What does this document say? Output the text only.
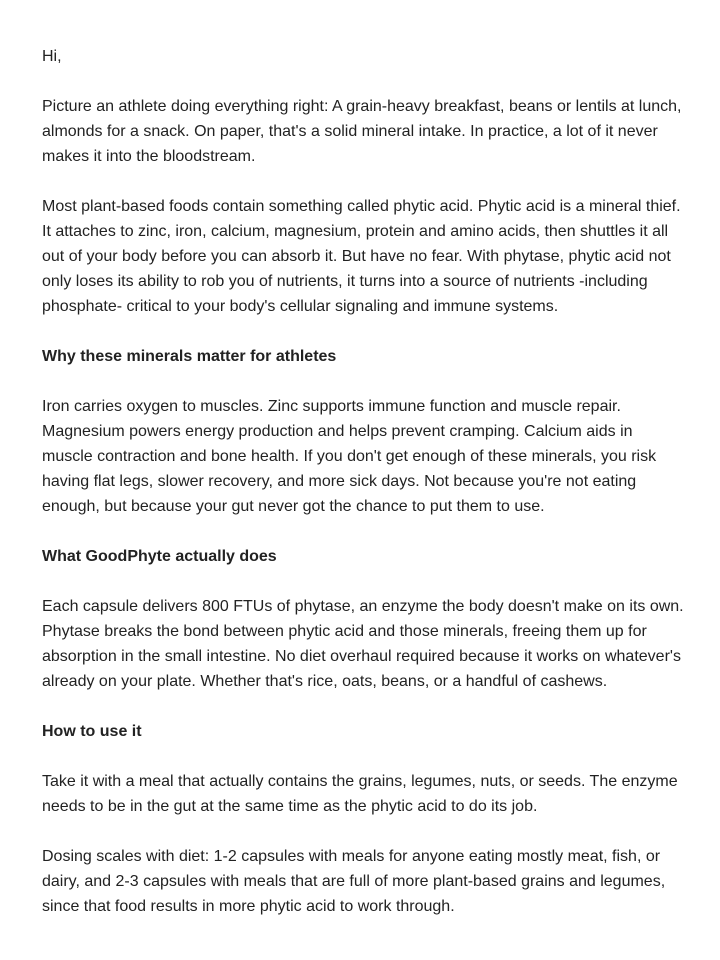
Hi,

Picture an athlete doing everything right: A grain-heavy breakfast, beans or lentils at lunch, almonds for a snack. On paper, that's a solid mineral intake. In practice, a lot of it never makes it into the bloodstream.

Most plant-based foods contain something called phytic acid. Phytic acid is a mineral thief. It attaches to zinc, iron, calcium, magnesium, protein and amino acids, then shuttles it all out of your body before you can absorb it. But have no fear. With phytase, phytic acid not only loses its ability to rob you of nutrients, it turns into a source of nutrients -including phosphate- critical to your body's cellular signaling and immune systems.

Why these minerals matter for athletes

Iron carries oxygen to muscles. Zinc supports immune function and muscle repair. Magnesium powers energy production and helps prevent cramping. Calcium aids in muscle contraction and bone health. If you don't get enough of these minerals, you risk having flat legs, slower recovery, and more sick days. Not because you're not eating enough, but because your gut never got the chance to put them to use.

What GoodPhyte actually does

Each capsule delivers 800 FTUs of phytase, an enzyme the body doesn't make on its own. Phytase breaks the bond between phytic acid and those minerals, freeing them up for absorption in the small intestine. No diet overhaul required because it works on whatever's already on your plate. Whether that's rice, oats, beans, or a handful of cashews.

How to use it

Take it with a meal that actually contains the grains, legumes, nuts, or seeds. The enzyme needs to be in the gut at the same time as the phytic acid to do its job.

Dosing scales with diet: 1-2 capsules with meals for anyone eating mostly meat, fish, or dairy, and 2-3 capsules with meals that are full of more plant-based grains and legumes, since that food results in more phytic acid to work through.
